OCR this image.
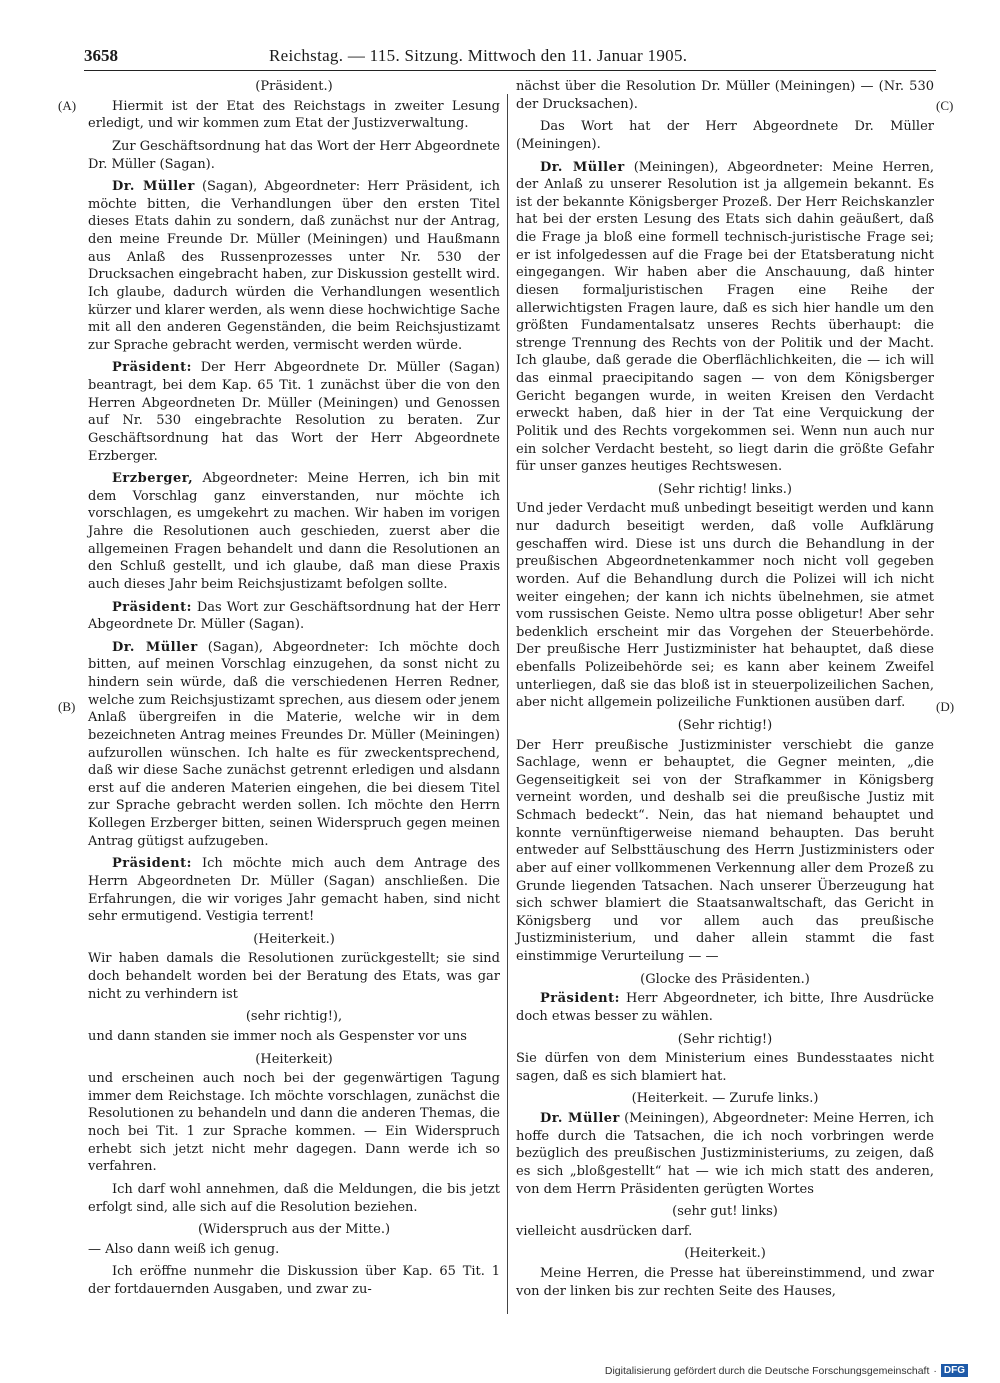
3658	Reichstag. — 115. Sitzung. Mittwoch den 11. Januar 1905.
(A)
(B)
(C)
(D)
(Präsident.)
Hiermit ist der Etat des Reichstags in zweiter Lesung erledigt, und wir kommen zum Etat der Justizverwaltung.
Zur Geschäftsordnung hat das Wort der Herr Abgeordnete Dr. Müller (Sagan).
Dr. Müller (Sagan), Abgeordneter: Herr Präsident, ich möchte bitten, die Verhandlungen über den ersten Titel dieses Etats dahin zu sondern, daß zunächst nur der Antrag, den meine Freunde Dr. Müller (Meiningen) und Haußmann aus Anlaß des Russenprozesses unter Nr. 530 der Drucksachen eingebracht haben, zur Diskussion gestellt wird. Ich glaube, dadurch würden die Verhandlungen wesentlich kürzer und klarer werden, als wenn diese hochwichtige Sache mit all den anderen Gegenständen, die beim Reichsjustizamt zur Sprache gebracht werden, vermischt werden würde.
Präsident: Der Herr Abgeordnete Dr. Müller (Sagan) beantragt, bei dem Kap. 65 Tit. 1 zunächst über die von den Herren Abgeordneten Dr. Müller (Meiningen) und Genossen auf Nr. 530 eingebrachte Resolution zu beraten. Zur Geschäftsordnung hat das Wort der Herr Abgeordnete Erzberger.
Erzberger, Abgeordneter: Meine Herren, ich bin mit dem Vorschlag ganz einverstanden, nur möchte ich vorschlagen, es umgekehrt zu machen. Wir haben im vorigen Jahre die Resolutionen auch geschieden, zuerst aber die allgemeinen Fragen behandelt und dann die Resolutionen an den Schluß gestellt, und ich glaube, daß man diese Praxis auch dieses Jahr beim Reichsjustizamt befolgen sollte.
Präsident: Das Wort zur Geschäftsordnung hat der Herr Abgeordnete Dr. Müller (Sagan).
Dr. Müller (Sagan), Abgeordneter: Ich möchte doch bitten, auf meinen Vorschlag einzugehen, da sonst nicht zu hindern sein würde, daß die verschiedenen Herren Redner, welche zum Reichsjustizamt sprechen, aus diesem oder jenem Anlaß übergreifen in die Materie, welche wir in dem bezeichneten Antrag meines Freundes Dr. Müller (Meiningen) aufzurollen wünschen. Ich halte es für zweckentsprechend, daß wir diese Sache zunächst getrennt erledigen und alsdann erst auf die anderen Materien eingehen, die bei diesem Titel zur Sprache gebracht werden sollen. Ich möchte den Herrn Kollegen Erzberger bitten, seinen Widerspruch gegen meinen Antrag gütigst aufzugeben.
Präsident: Ich möchte mich auch dem Antrage des Herrn Abgeordneten Dr. Müller (Sagan) anschließen. Die Erfahrungen, die wir voriges Jahr gemacht haben, sind nicht sehr ermutigend. Vestigia terrent!
(Heiterkeit.)
Wir haben damals die Resolutionen zurückgestellt; sie sind doch behandelt worden bei der Beratung des Etats, was gar nicht zu verhindern ist
(sehr richtig!),
und dann standen sie immer noch als Gespenster vor uns
(Heiterkeit)
und erscheinen auch noch bei der gegenwärtigen Tagung immer dem Reichstage. Ich möchte vorschlagen, zunächst die Resolutionen zu behandeln und dann die anderen Themas, die noch bei Tit. 1 zur Sprache kommen. — Ein Widerspruch erhebt sich jetzt nicht mehr dagegen. Dann werde ich so verfahren.
Ich darf wohl annehmen, daß die Meldungen, die bis jetzt erfolgt sind, alle sich auf die Resolution beziehen.
(Widerspruch aus der Mitte.)
— Also dann weiß ich genug.
Ich eröffne nunmehr die Diskussion über Kap. 65 Tit. 1 der fortdauernden Ausgaben, und zwar zu-
nächst über die Resolution Dr. Müller (Meiningen) — (Nr. 530 der Drucksachen).
Das Wort hat der Herr Abgeordnete Dr. Müller (Meiningen).
Dr. Müller (Meiningen), Abgeordneter: Meine Herren, der Anlaß zu unserer Resolution ist ja allgemein bekannt. Es ist der bekannte Königsberger Prozeß. Der Herr Reichskanzler hat bei der ersten Lesung des Etats sich dahin geäußert, daß die Frage ja bloß eine formell technisch-juristische Frage sei; er ist infolgedessen auf die Frage bei der Etatsberatung nicht eingegangen. Wir haben aber die Anschauung, daß hinter diesen formaljuristischen Fragen eine Reihe der allerwichtigsten Fragen laure, daß es sich hier handle um den größten Fundamentalsatz unseres Rechts überhaupt: die strenge Trennung des Rechts von der Politik und der Macht. Ich glaube, daß gerade die Oberflächlichkeiten, die — ich will das einmal praecipitando sagen — von dem Königsberger Gericht begangen wurde, in weiten Kreisen den Verdacht erweckt haben, daß hier in der Tat eine Verquickung der Politik und des Rechts vorgekommen sei. Wenn nun auch nur ein solcher Verdacht besteht, so liegt darin die größte Gefahr für unser ganzes heutiges Rechtswesen.
(Sehr richtig! links.)
Und jeder Verdacht muß unbedingt beseitigt werden und kann nur dadurch beseitigt werden, daß volle Aufklärung geschaffen wird. Diese ist uns durch die Behandlung in der preußischen Abgeordnetenkammer noch nicht voll gegeben worden. Auf die Behandlung durch die Polizei will ich nicht weiter eingehen; der kann ich nichts übelnehmen, sie atmet vom russischen Geiste. Nemo ultra posse obligetur! Aber sehr bedenklich erscheint mir das Vorgehen der Steuerbehörde. Der preußische Herr Justizminister hat behauptet, daß diese ebenfalls Polizeibehörde sei; es kann aber keinem Zweifel unterliegen, daß sie das bloß ist in steuerpolizeilichen Sachen, aber nicht allgemein polizeiliche Funktionen ausüben darf.
(Sehr richtig!)
Der Herr preußische Justizminister verschiebt die ganze Sachlage, wenn er behauptet, die Gegner meinten, „die Gegenseitigkeit sei von der Strafkammer in Königsberg verneint worden, und deshalb sei die preußische Justiz mit Schmach bedeckt“. Nein, das hat niemand behauptet und konnte vernünftigerweise niemand behaupten. Das beruht entweder auf Selbsttäuschung des Herrn Justizministers oder aber auf einer vollkommenen Verkennung aller dem Prozeß zu Grunde liegenden Tatsachen. Nach unserer Überzeugung hat sich schwer blamiert die Staatsanwaltschaft, das Gericht in Königsberg und vor allem auch das preußische Justizministerium, und daher allein stammt die fast einstimmige Verurteilung — —
(Glocke des Präsidenten.)
Präsident: Herr Abgeordneter, ich bitte, Ihre Ausdrücke doch etwas besser zu wählen.
(Sehr richtig!)
Sie dürfen von dem Ministerium eines Bundesstaates nicht sagen, daß es sich blamiert hat.
(Heiterkeit. — Zurufe links.)
Dr. Müller (Meiningen), Abgeordneter: Meine Herren, ich hoffe durch die Tatsachen, die ich noch vorbringen werde bezüglich des preußischen Justizministeriums, zu zeigen, daß es sich „bloßgestellt“ hat — wie ich mich statt des anderen, von dem Herrn Präsidenten gerügten Wortes
(sehr gut! links)
vielleicht ausdrücken darf.
(Heiterkeit.)
Meine Herren, die Presse hat übereinstimmend, und zwar von der linken bis zur rechten Seite des Hauses,
Digitalisierung gefördert durch die Deutsche Forschungsgemeinschaft · DFG
